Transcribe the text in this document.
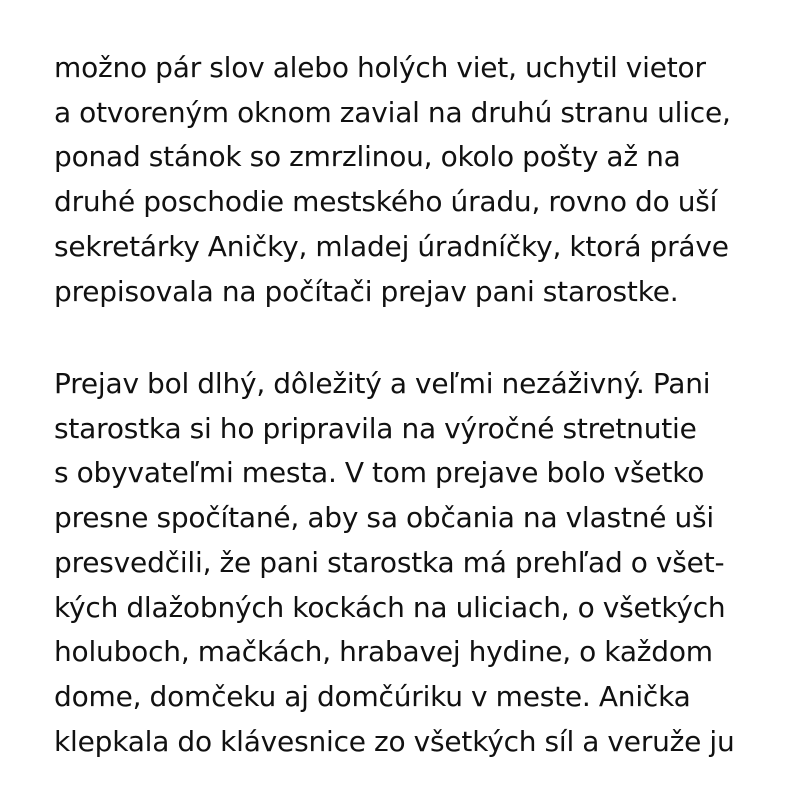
možno pár slov alebo holých viet, uchytil vietor
a otvoreným oknom zavial na druhú stranu ulice,
ponad stánok so zmrzlinou, okolo pošty až na
druhé poschodie mestského úradu, rovno do uší
sekretárky Aničky, mladej úradníčky, ktorá práve
prepisovala na počítači prejav pani starostke.

Prejav bol dlhý, dôležitý a veľmi nezáživný. Pani
starostka si ho pripravila na výročné stretnutie
s obyvateľmi mesta. V tom prejave bolo všetko
presne spočítané, aby sa občania na vlastné uši
presvedčili, že pani starostka má prehľad o všet-
kých dlažobných kockách na uliciach, o všetkých
holuboch, mačkách, hrabavej hydine, o každom
dome, domčeku aj domčúriku v meste. Anička
klepkala do klávesnice zo všetkých síl a veruže ju
